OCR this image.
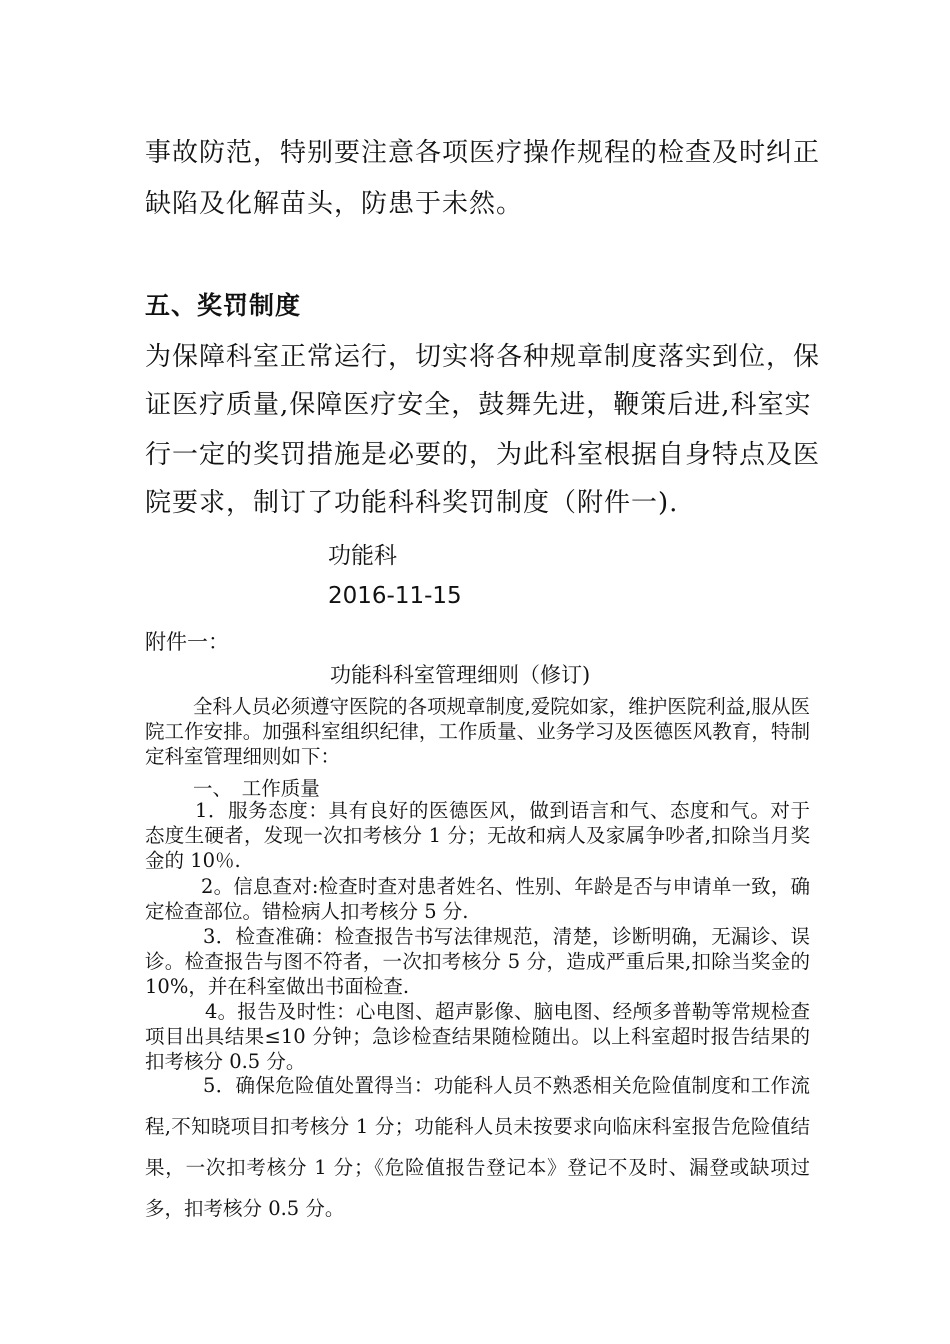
事故防范，特别要注意各项医疗操作规程的检查及时纠正
缺陷及化解苗头，防患于未然。
五、奖罚制度
为保障科室正常运行，切实将各种规章制度落实到位，保
证医疗质量,保障医疗安全，鼓舞先进，鞭策后进,科室实
行一定的奖罚措施是必要的，为此科室根据自身特点及医
院要求，制订了功能科科奖罚制度（附件一).
功能科
2016-11-15
附件一：
功能科科室管理细则（修订)
全科人员必须遵守医院的各项规章制度,爱院如家，维护医院利益,服从医院工作安排。加强科室组织纪律，工作质量、业务学习及医德医风教育，特制定科室管理细则如下：
一、　工作质量
1．服务态度：具有良好的医德医风，做到语言和气、态度和气。对于态度生硬者，发现一次扣考核分 1 分；无故和病人及家属争吵者,扣除当月奖金的 10％.
2。信息查对:检查时查对患者姓名、性别、年龄是否与申请单一致，确定检查部位。错检病人扣考核分 5 分.
3．检查准确：检查报告书写法律规范，清楚，诊断明确，无漏诊、误诊。检查报告与图不符者，一次扣考核分 5 分，造成严重后果,扣除当奖金的 10%，并在科室做出书面检查.
4。报告及时性：心电图、超声影像、脑电图、经颅多普勒等常规检查项目出具结果≤10 分钟；急诊检查结果随检随出。以上科室超时报告结果的扣考核分 0.5 分。
5．确保危险值处置得当：功能科人员不熟悉相关危险值制度和工作流程,不知晓项目扣考核分 1 分；功能科人员未按要求向临床科室报告危险值结果，一次扣考核分 1 分；《危险值报告登记本》登记不及时、漏登或缺项过多，扣考核分 0.5 分。
